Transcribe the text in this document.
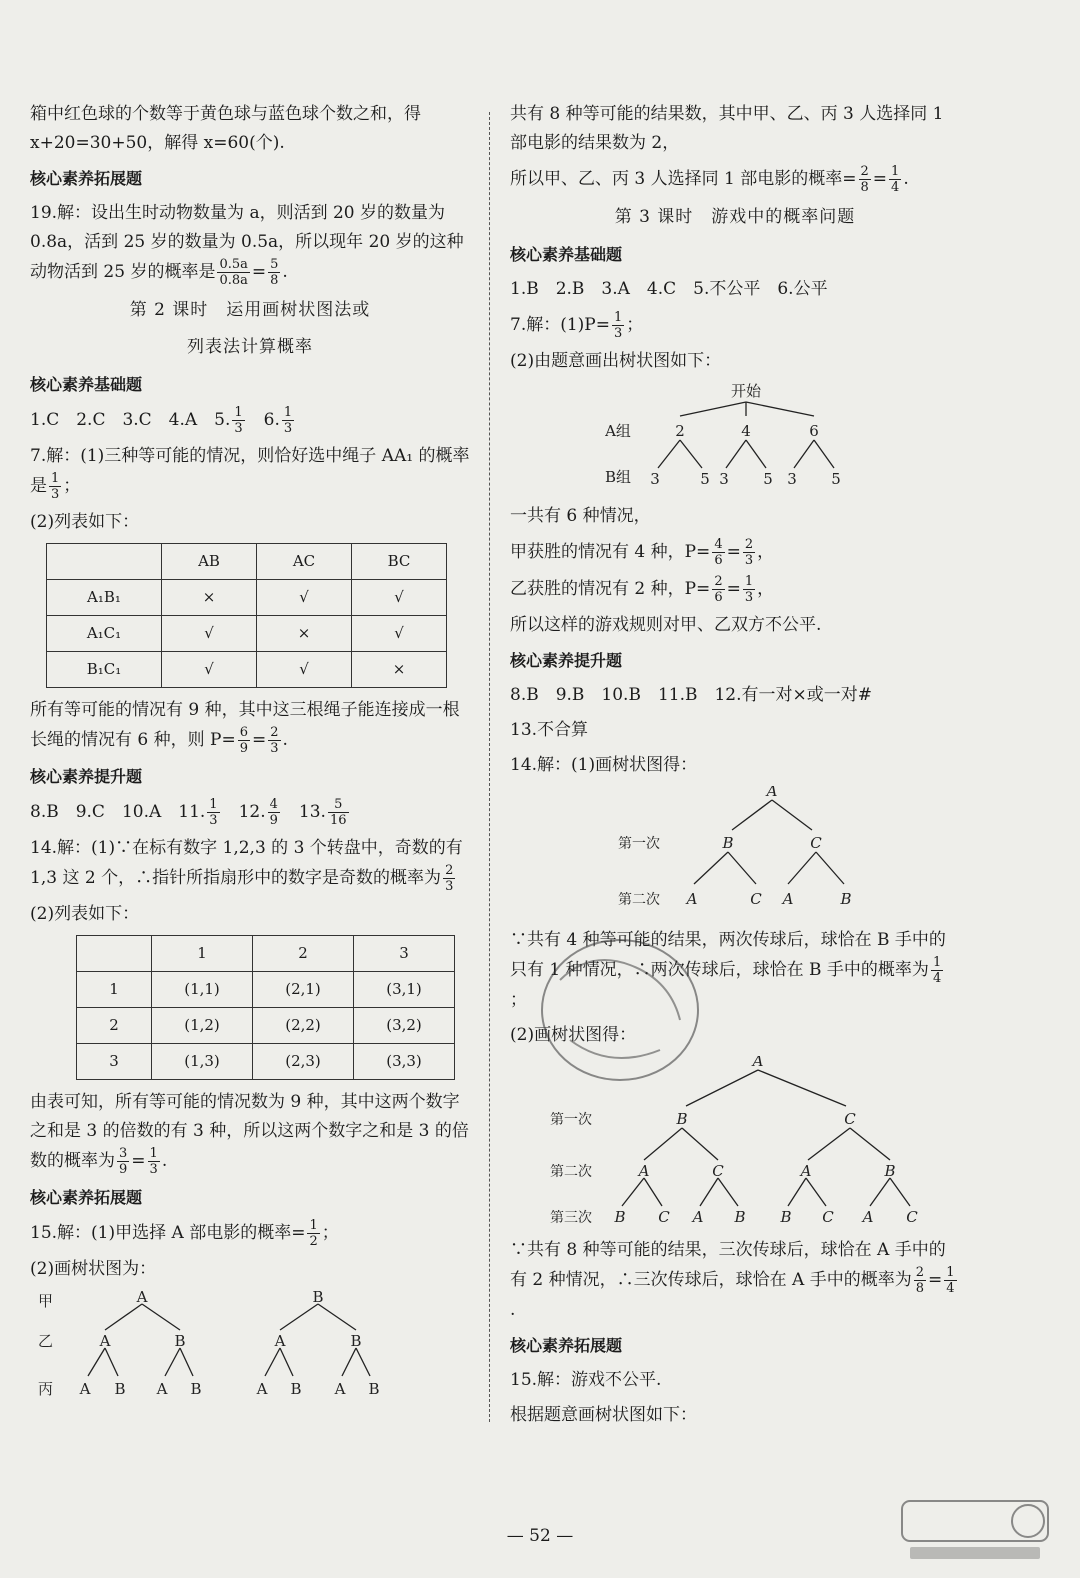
箱中红色球的个数等于黄色球与蓝色球个数之和，得 x+20=30+50，解得 x=60(个).

核心素养拓展题

19.解：设出生时动物数量为 a，则活到 20 岁的数量为 0.8a，活到 25 岁的数量为 0.5a，所以现年 20 岁的这种动物活到 25 岁的概率是 $\frac{0.5a}{0.8a} = \frac{5}{8}$ .

第 2 课时　运用画树状图法或
列表法计算概率
核心素养基础题

1.C　2.C　3.C　4.A　5. $\frac{1}{3}$ 　6. $\frac{1}{3}$

7.解：(1)三种等可能的情况，则恰好选中绳子 AA₁ 的概率是 $\frac{1}{3}$ ；

(2)列表如下：

	AB	AC	BC
A₁B₁	×	√	√
A₁C₁	√	×	√
B₁C₁	√	√	×

所有等可能的情况有 9 种，其中这三根绳子能连接成一根长绳的情况有 6 种，则 $P= \frac{6}{9} = \frac{2}{3}$ .

核心素养提升题

8.B　9.C　10.A　11. $\frac{1}{3}$ 　12. $\frac{4}{9}$ 　13. $\frac{5}{16}$

14.解：(1)∵在标有数字 1,2,3 的 3 个转盘中，奇数的有 1,3 这 2 个，∴指针所指扇形中的数字是奇数的概率为 $\frac{2}{3}$

(2)列表如下：

	1	2	3
1	(1,1)	(2,1)	(3,1)
2	(1,2)	(2,2)	(3,2)
3	(1,3)	(2,3)	(3,3)

由表可知，所有等可能的情况数为 9 种，其中这两个数字之和是 3 的倍数的有 3 种，所以这两个数字之和是 3 的倍数的概率为 $\frac{3}{9} = \frac{1}{3}$ .

核心素养拓展题

15.解：(1)甲选择 A 部电影的概率= $\frac{1}{2}$ ；

(2)画树状图为：

甲
乙
丙
A
A	B
A B A B
B
A	B
A B A B

共有 8 种等可能的结果数，其中甲、乙、丙 3 人选择同 1 部电影的结果数为 2，

所以甲、乙、丙 3 人选择同 1 部电影的概率= $\frac{2}{8} = \frac{1}{4}$ .

第 3 课时　游戏中的概率问题
核心素养基础题

1.B　2.B　3.A　4.C　5.不公平　6.公平

7.解：$(1)P= \frac{1}{3}$ ；

(2)由题意画出树状图如下：

开始
A组
B组
2	4	6
3	5 3 5 3 5

一共有 6 种情况，

甲获胜的情况有 4 种，$P= \frac{4}{6} = \frac{2}{3}$ ，

乙获胜的情况有 2 种，$P= \frac{2}{6} = \frac{1}{3}$ ，

所以这样的游戏规则对甲、乙双方不公平.

核心素养提升题

8.B　9.B　10.B　11.B　12.有一对×或一对#

13.不合算

14.解：(1)画树状图得：

A
B	C
A	C A	B
第一次
第二次

∵共有 4 种等可能的结果，两次传球后，球恰在 B 手中的只有 1 种情况，∴两次传球后，球恰在 B 手中的概率为 $\frac{1}{4}$
；

(2)画树状图得：

A
B	C
A	C	A	B
B C A B B C A C
第一次
第二次
第三次

∵共有 8 种等可能的结果，三次传球后，球恰在 A 手中的有 2 种情况，∴三次传球后，球恰在 A 手中的概率为 $\frac{2}{8} = \frac{1}{4}$
.

核心素养拓展题

15.解：游戏不公平.

根据题意画树状图如下：

— 52 —
